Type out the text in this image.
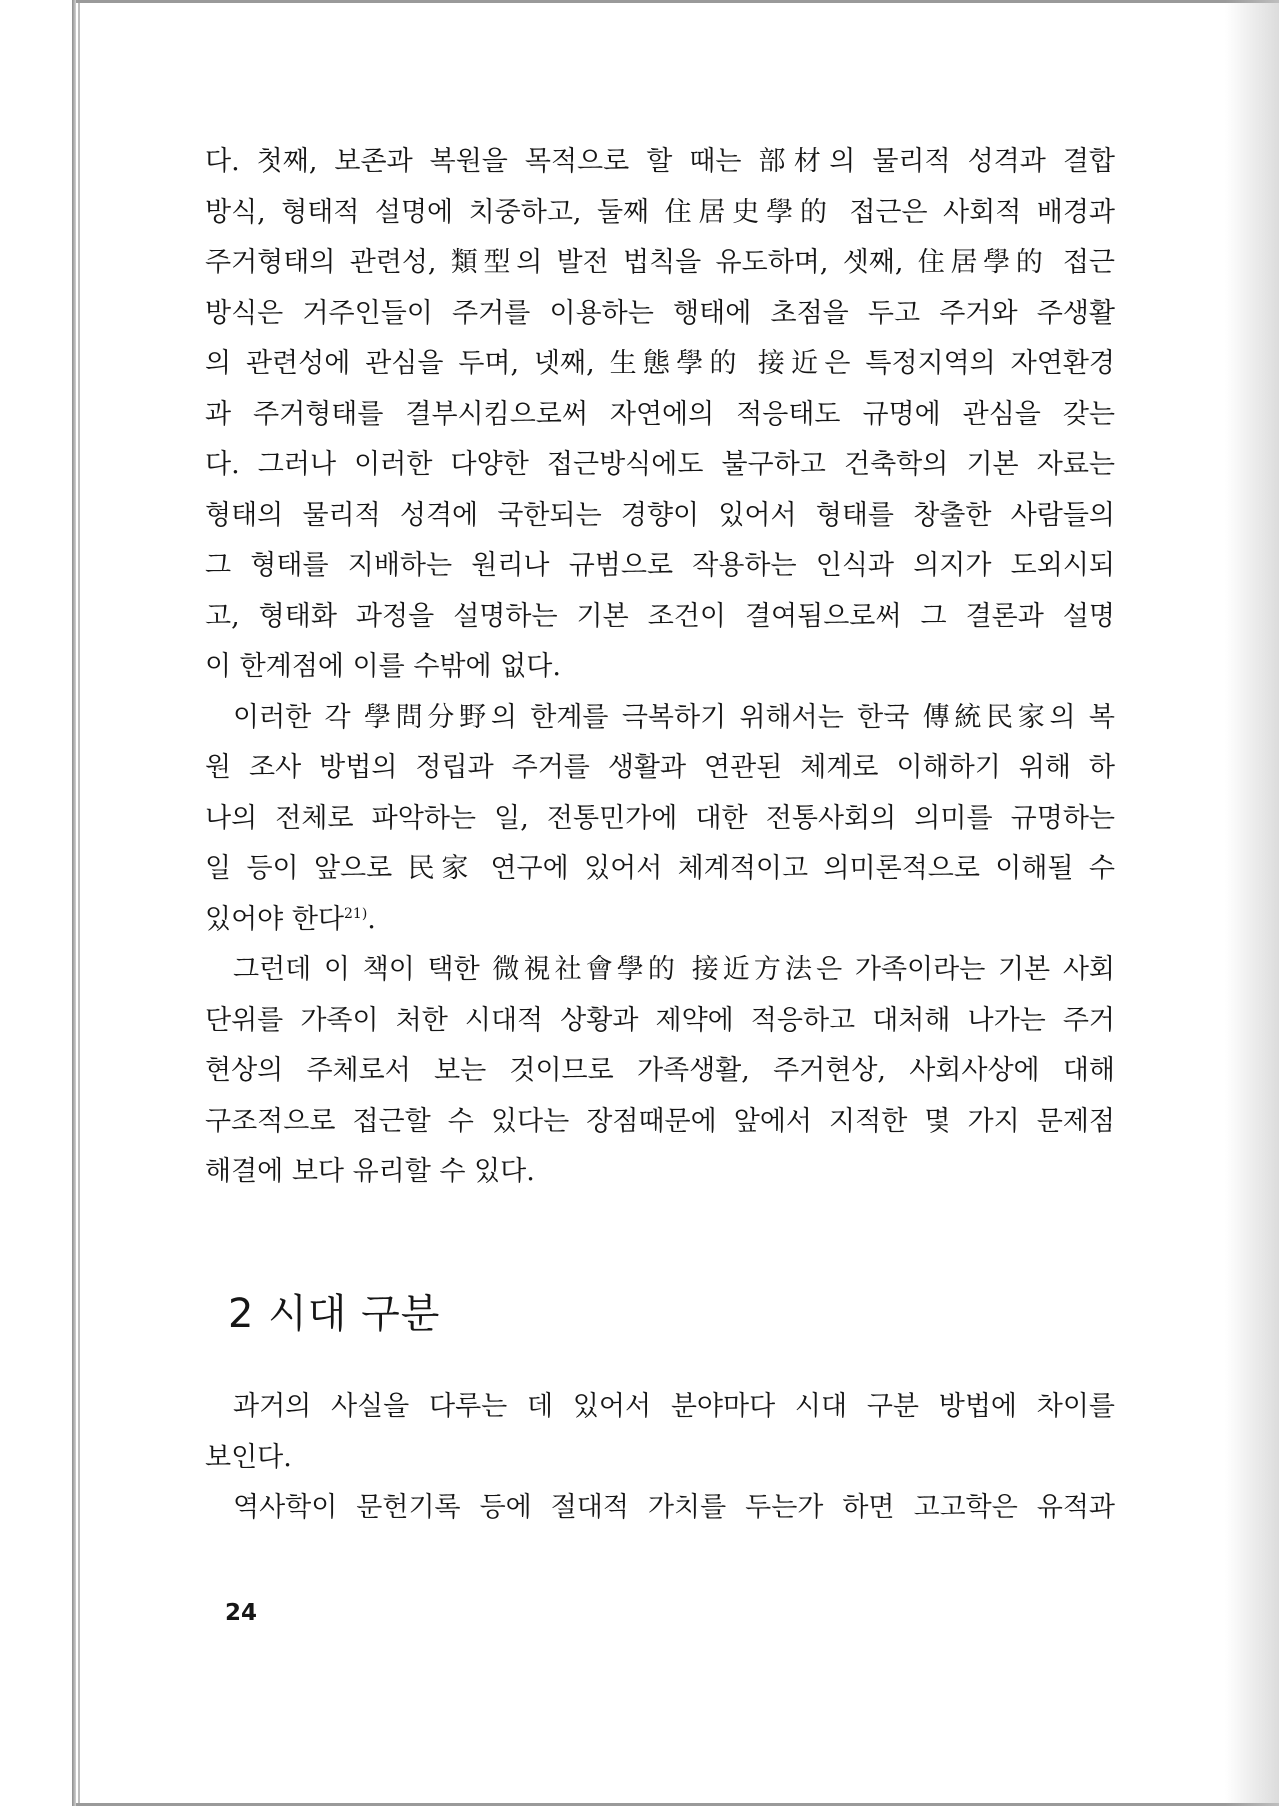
다. 첫째, 보존과 복원을 목적으로 할 때는 部材의 물리적 성격과 결합
방식, 형태적 설명에 치중하고, 둘째 住居史學的 접근은 사회적 배경과
주거형태의 관련성, 類型의 발전 법칙을 유도하며, 셋째, 住居學的 접근
방식은 거주인들이 주거를 이용하는 행태에 초점을 두고 주거와 주생활
의 관련성에 관심을 두며, 넷째, 生態學的 接近은 특정지역의 자연환경
과 주거형태를 결부시킴으로써 자연에의 적응태도 규명에 관심을 갖는
다. 그러나 이러한 다양한 접근방식에도 불구하고 건축학의 기본 자료는
형태의 물리적 성격에 국한되는 경향이 있어서 형태를 창출한 사람들의
그 형태를 지배하는 원리나 규범으로 작용하는 인식과 의지가 도외시되
고, 형태화 과정을 설명하는 기본 조건이 결여됨으로써 그 결론과 설명
이 한계점에 이를 수밖에 없다.
이러한 각 學問分野의 한계를 극복하기 위해서는 한국 傳統民家의 복
원 조사 방법의 정립과 주거를 생활과 연관된 체계로 이해하기 위해 하
나의 전체로 파악하는 일, 전통민가에 대한 전통사회의 의미를 규명하는
일 등이 앞으로 民家 연구에 있어서 체계적이고 의미론적으로 이해될 수
있어야 한다$^{21)}$.
그런데 이 책이 택한 微視社會學的 接近方法은 가족이라는 기본 사회
단위를 가족이 처한 시대적 상황과 제약에 적응하고 대처해 나가는 주거
현상의 주체로서 보는 것이므로 가족생활, 주거현상, 사회사상에 대해
구조적으로 접근할 수 있다는 장점때문에 앞에서 지적한 몇 가지 문제점
해결에 보다 유리할 수 있다.
2 시대 구분
과거의 사실을 다루는 데 있어서 분야마다 시대 구분 방법에 차이를
보인다.
역사학이 문헌기록 등에 절대적 가치를 두는가 하면 고고학은 유적과
24
